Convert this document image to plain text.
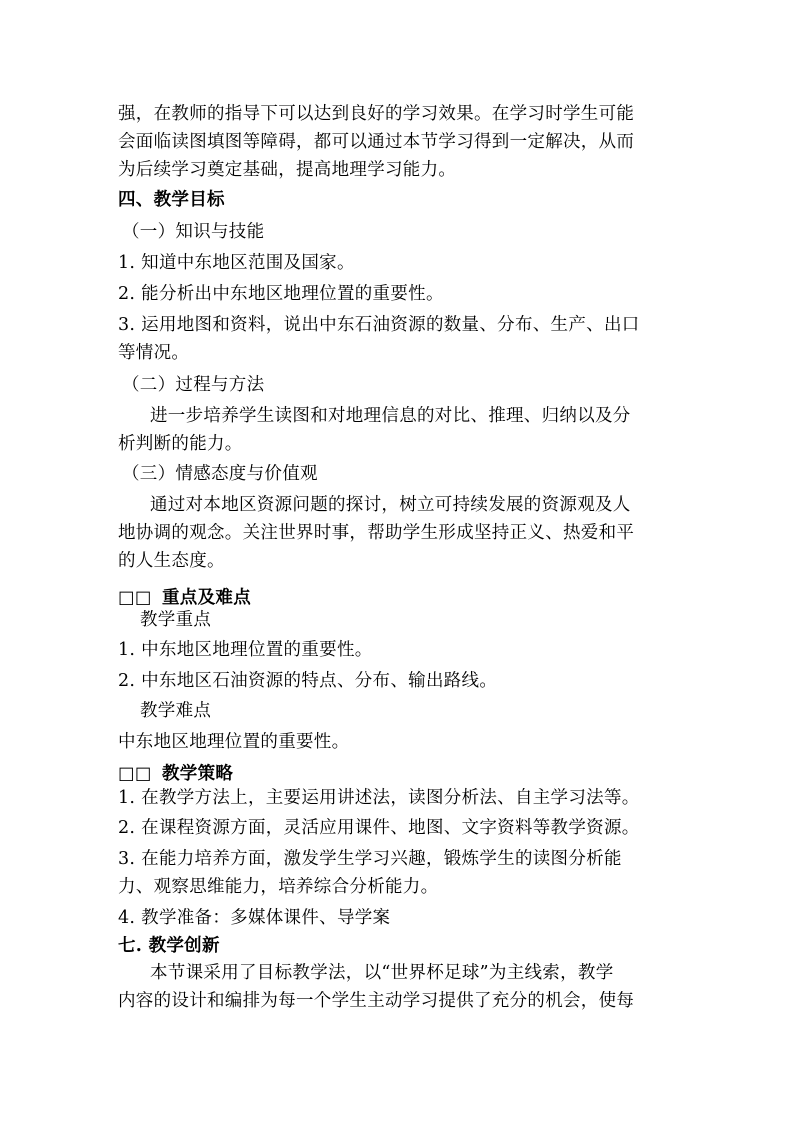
强，在教师的指导下可以达到良好的学习效果。在学习时学生可能
会面临读图填图等障碍，都可以通过本节学习得到一定解决，从而
为后续学习奠定基础，提高地理学习能力。
四、教学目标
（一）知识与技能
1. 知道中东地区范围及国家。
2. 能分析出中东地区地理位置的重要性。
3. 运用地图和资料，说出中东石油资源的数量、分布、生产、出口
等情况。
（二）过程与方法
进一步培养学生读图和对地理信息的对比、推理、归纳以及分
析判断的能力。
（三）情感态度与价值观
通过对本地区资源问题的探讨，树立可持续发展的资源观及人
地协调的观念。关注世界时事，帮助学生形成坚持正义、热爱和平
的人生态度。
□□ 重点及难点
教学重点
1. 中东地区地理位置的重要性。
2. 中东地区石油资源的特点、分布、输出路线。
教学难点
中东地区地理位置的重要性。
□□ 教学策略
1. 在教学方法上，主要运用讲述法，读图分析法、自主学习法等。
2. 在课程资源方面，灵活应用课件、地图、文字资料等教学资源。
3. 在能力培养方面，激发学生学习兴趣，锻炼学生的读图分析能
力、观察思维能力，培养综合分析能力。
4. 教学准备：多媒体课件、导学案
七. 教学创新
本节课采用了目标教学法，以“世界杯足球”为主线索，教学
内容的设计和编排为每一个学生主动学习提供了充分的机会，使每
